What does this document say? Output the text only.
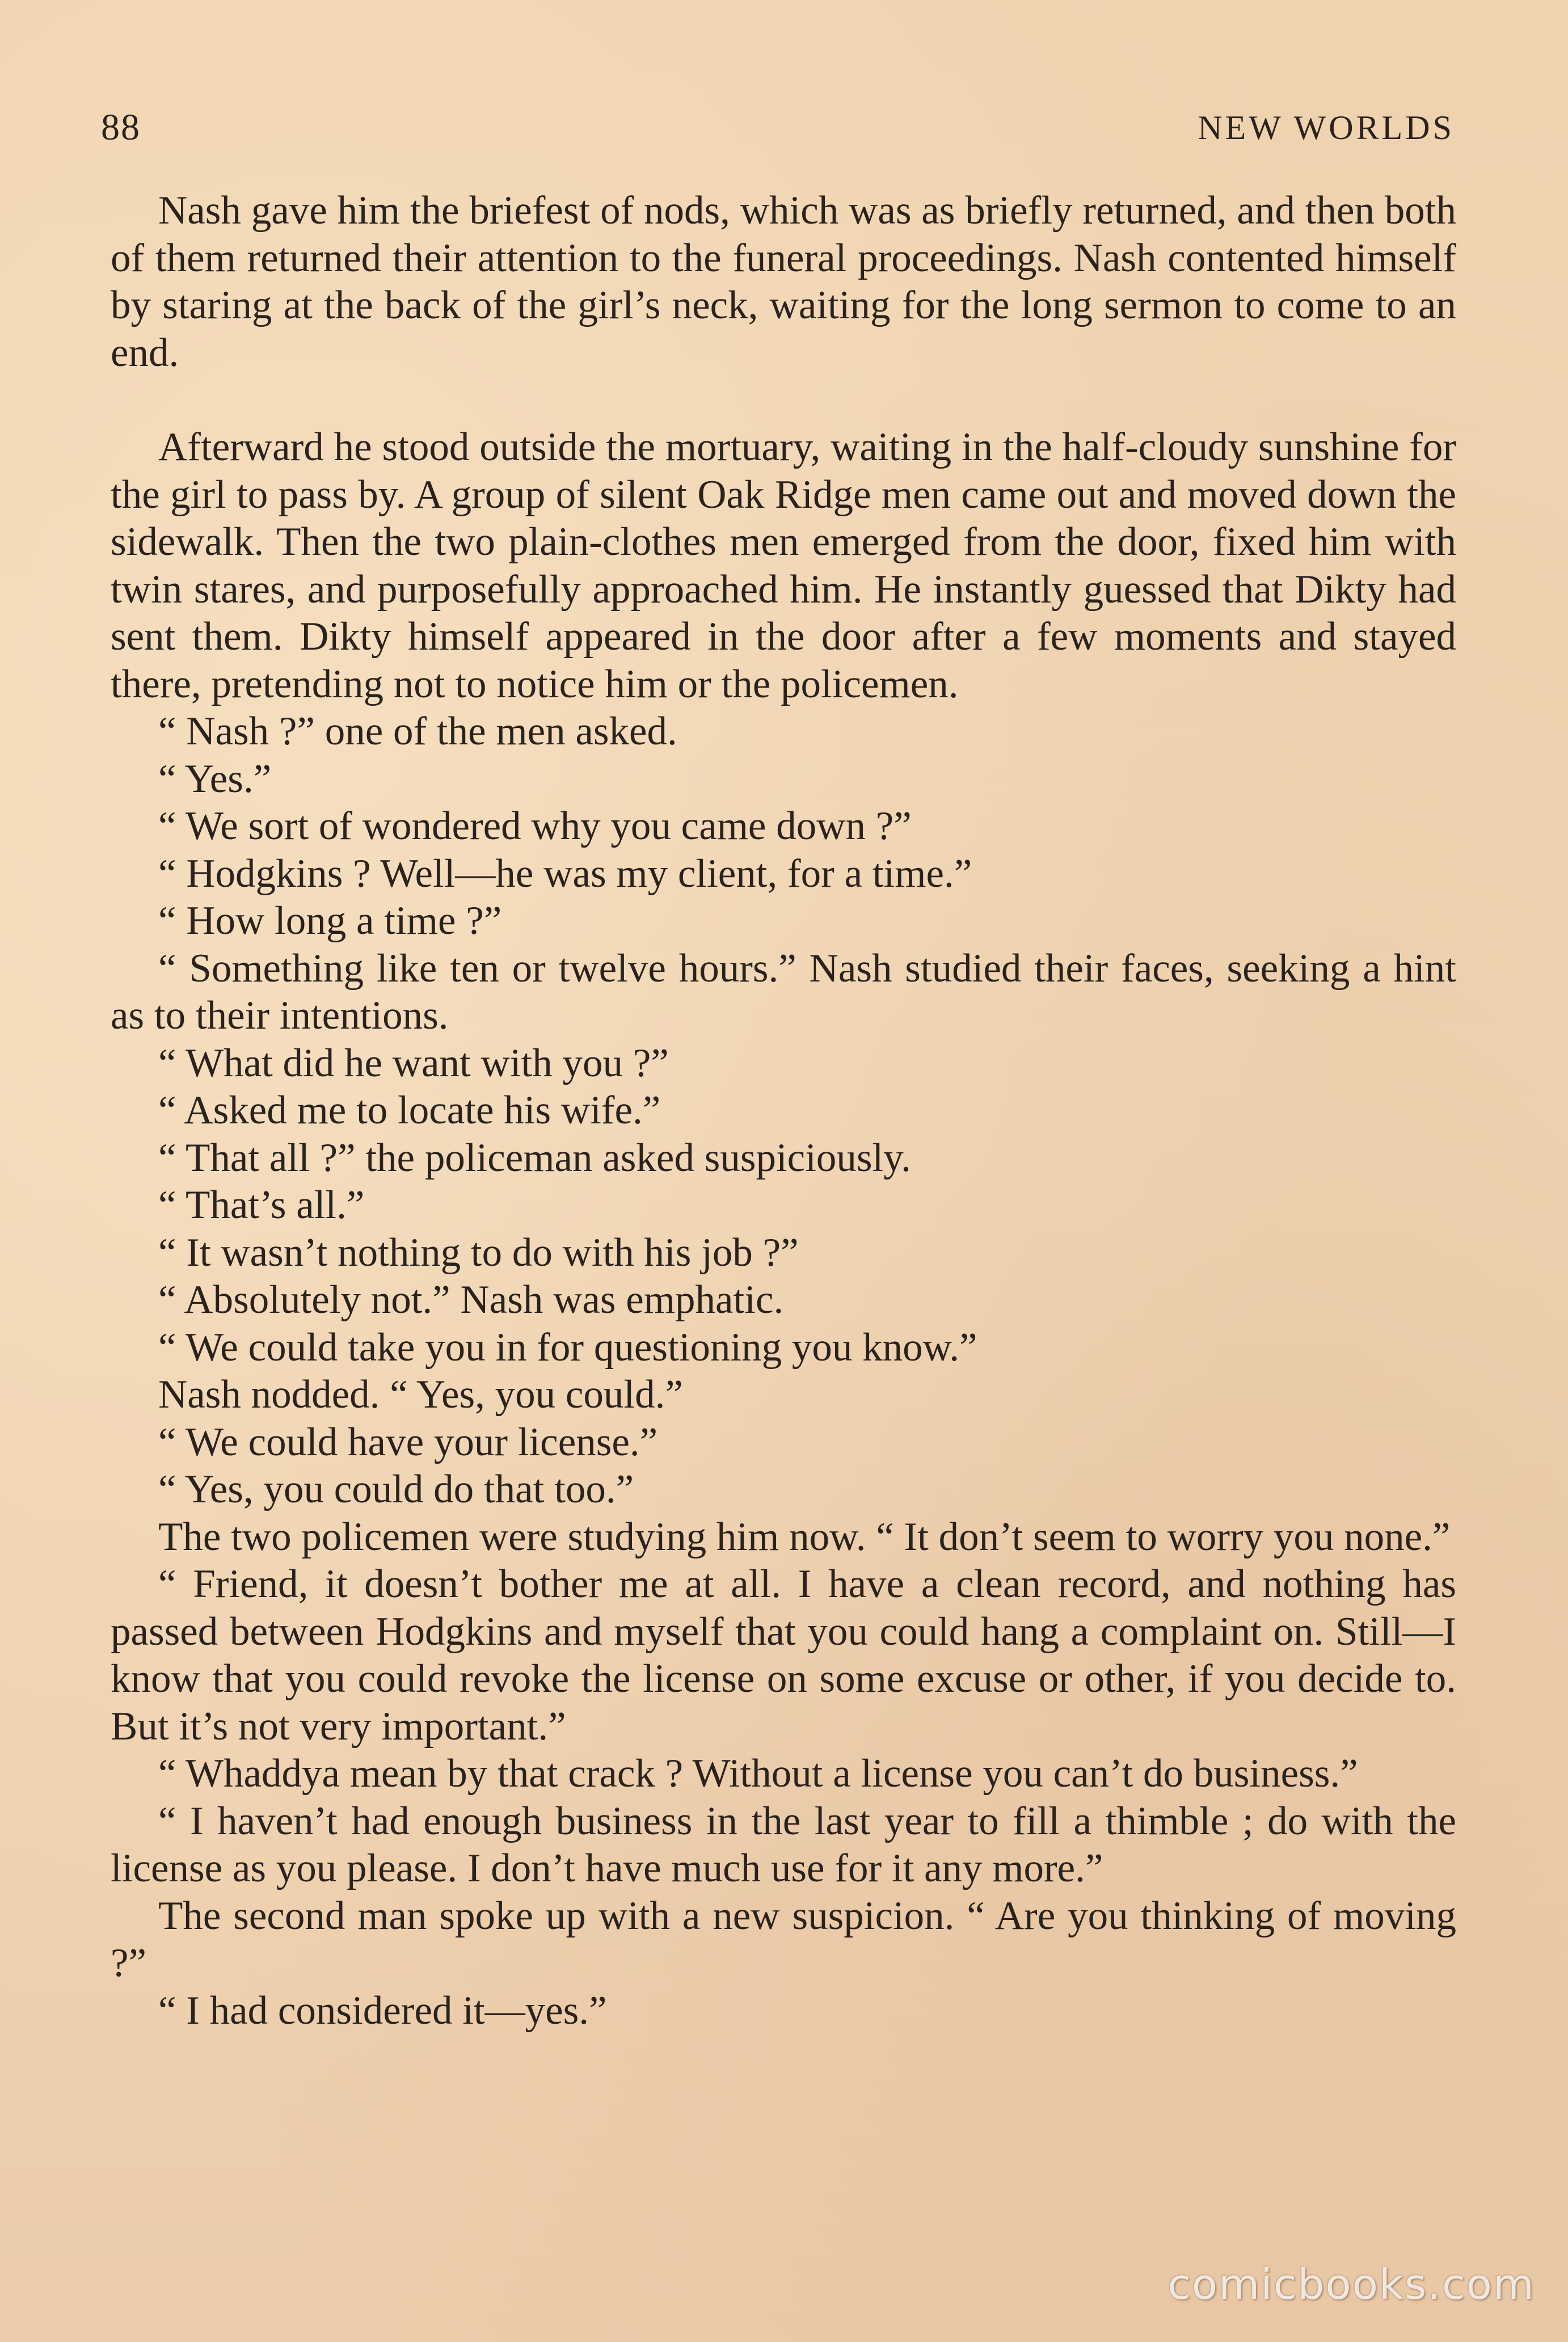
88	NEW WORLDS

Nash gave him the briefest of nods, which was as briefly returned, and then both of them returned their attention to the funeral proceedings. Nash contented himself by staring at the back of the girl’s neck, waiting for the long sermon to come to an end.

Afterward he stood outside the mortuary, waiting in the half-cloudy sunshine for the girl to pass by. A group of silent Oak Ridge men came out and moved down the sidewalk. Then the two plain-clothes men emerged from the door, fixed him with twin stares, and purposefully approached him. He instantly guessed that Dikty had sent them. Dikty himself appeared in the door after a few moments and stayed there, pretending not to notice him or the policemen.

“ Nash ?” one of the men asked.

“ Yes.”

“ We sort of wondered why you came down ?”

“ Hodgkins ? Well—he was my client, for a time.”

“ How long a time ?”

“ Something like ten or twelve hours.” Nash studied their faces, seeking a hint as to their intentions.

“ What did he want with you ?”

“ Asked me to locate his wife.”

“ That all ?” the policeman asked suspiciously.

“ That’s all.”

“ It wasn’t nothing to do with his job ?”

“ Absolutely not.” Nash was emphatic.

“ We could take you in for questioning you know.”

Nash nodded. “ Yes, you could.”

“ We could have your license.”

“ Yes, you could do that too.”

The two policemen were studying him now. “ It don’t seem to worry you none.”

“ Friend, it doesn’t bother me at all. I have a clean record, and nothing has passed between Hodgkins and myself that you could hang a complaint on. Still—I know that you could revoke the license on some excuse or other, if you decide to. But it’s not very important.”

“ Whaddya mean by that crack ? Without a license you can’t do business.”

“ I haven’t had enough business in the last year to fill a thimble ; do with the license as you please. I don’t have much use for it any more.”

The second man spoke up with a new suspicion. “ Are you thinking of moving ?”

“ I had considered it—yes.”

comicbooks.com
